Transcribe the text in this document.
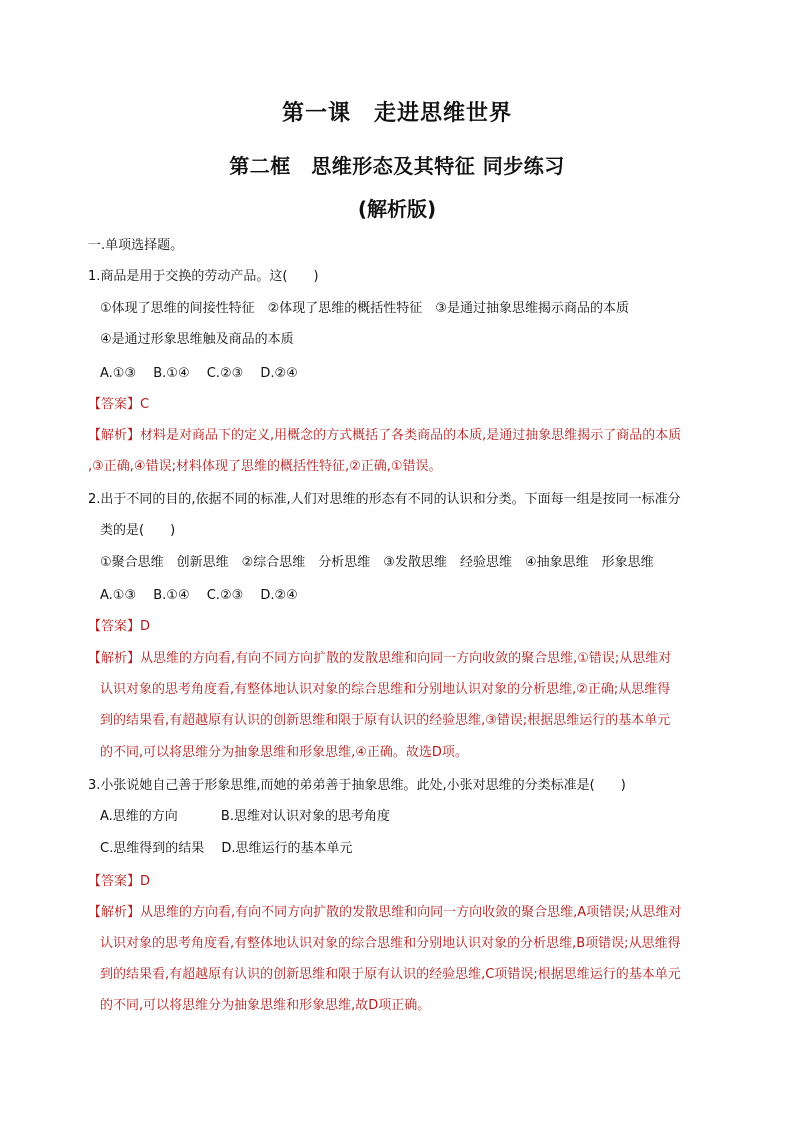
第一课　走进思维世界
第二框　思维形态及其特征 同步练习
(解析版)
一.单项选择题。
1.商品是用于交换的劳动产品。这(　　)
①体现了思维的间接性特征　②体现了思维的概括性特征　③是通过抽象思维揭示商品的本质
④是通过形象思维触及商品的本质
A.①③　 B.①④　 C.②③　 D.②④
【答案】C
【解析】材料是对商品下的定义,用概念的方式概括了各类商品的本质,是通过抽象思维揭示了商品的本质
,③正确,④错误;材料体现了思维的概括性特征,②正确,①错误。
2.出于不同的目的,依据不同的标准,人们对思维的形态有不同的认识和分类。下面每一组是按同一标准分
类的是(　　)
①聚合思维　创新思维　②综合思维　分析思维　③发散思维　经验思维　④抽象思维　形象思维
A.①③　 B.①④　 C.②③　 D.②④
【答案】D
【解析】从思维的方向看,有向不同方向扩散的发散思维和向同一方向收敛的聚合思维,①错误;从思维对
认识对象的思考角度看,有整体地认识对象的综合思维和分别地认识对象的分析思维,②正确;从思维得
到的结果看,有超越原有认识的创新思维和限于原有认识的经验思维,③错误;根据思维运行的基本单元
的不同,可以将思维分为抽象思维和形象思维,④正确。故选D项。
3.小张说她自己善于形象思维,而她的弟弟善于抽象思维。此处,小张对思维的分类标准是(　　)
A.思维的方向　　　 B.思维对认识对象的思考角度
C.思维得到的结果　 D.思维运行的基本单元
【答案】D
【解析】从思维的方向看,有向不同方向扩散的发散思维和向同一方向收敛的聚合思维,A项错误;从思维对
认识对象的思考角度看,有整体地认识对象的综合思维和分别地认识对象的分析思维,B项错误;从思维得
到的结果看,有超越原有认识的创新思维和限于原有认识的经验思维,C项错误;根据思维运行的基本单元
的不同,可以将思维分为抽象思维和形象思维,故D项正确。
